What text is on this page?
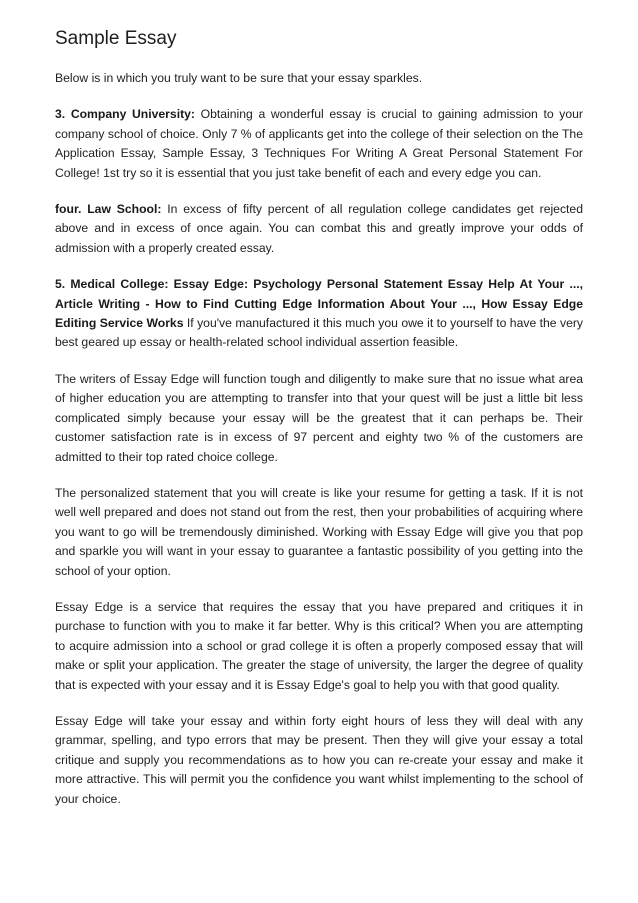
Sample Essay

Below is in which you truly want to be sure that your essay sparkles.

3. Company University: Obtaining a wonderful essay is crucial to gaining admission to your company school of choice. Only 7 % of applicants get into the college of their selection on the The Application Essay, Sample Essay, 3 Techniques For Writing A Great Personal Statement For College! 1st try so it is essential that you just take benefit of each and every edge you can.

four. Law School: In excess of fifty percent of all regulation college candidates get rejected above and in excess of once again. You can combat this and greatly improve your odds of admission with a properly created essay.

5. Medical College: Essay Edge: Psychology Personal Statement Essay Help At Your ..., Article Writing - How to Find Cutting Edge Information About Your ..., How Essay Edge Editing Service Works If you've manufactured it this much you owe it to yourself to have the very best geared up essay or health-related school individual assertion feasible.

The writers of Essay Edge will function tough and diligently to make sure that no issue what area of higher education you are attempting to transfer into that your quest will be just a little bit less complicated simply because your essay will be the greatest that it can perhaps be. Their customer satisfaction rate is in excess of 97 percent and eighty two % of the customers are admitted to their top rated choice college.

The personalized statement that you will create is like your resume for getting a task. If it is not well well prepared and does not stand out from the rest, then your probabilities of acquiring where you want to go will be tremendously diminished. Working with Essay Edge will give you that pop and sparkle you will want in your essay to guarantee a fantastic possibility of you getting into the school of your option.

Essay Edge is a service that requires the essay that you have prepared and critiques it in purchase to function with you to make it far better. Why is this critical? When you are attempting to acquire admission into a school or grad college it is often a properly composed essay that will make or split your application. The greater the stage of university, the larger the degree of quality that is expected with your essay and it is Essay Edge's goal to help you with that good quality.

Essay Edge will take your essay and within forty eight hours of less they will deal with any grammar, spelling, and typo errors that may be present. Then they will give your essay a total critique and supply you recommendations as to how you can re-create your essay and make it more attractive. This will permit you the confidence you want whilst implementing to the school of your choice.
